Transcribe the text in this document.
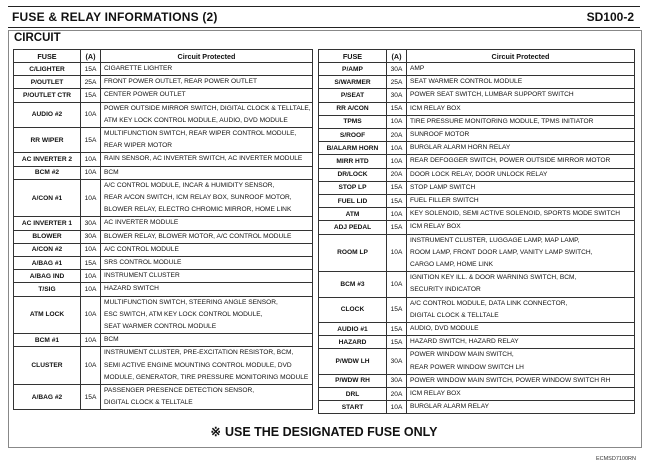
FUSE & RELAY INFORMATIONS (2)	SD100-2
CIRCUIT
FUSE	(A)	Circuit Protected
C/LIGHTER	15A	CIGARETTE LIGHTER

P/OUTLET	25A	FRONT POWER OUTLET, REAR POWER OUTLET

P/OUTLET CTR	15A	CENTER POWER OUTLET

AUDIO #2	10A	POWER OUTSIDE MIRROR SWITCH, DIGITAL CLOCK & TELLTALE,
ATM KEY LOCK CONTROL MODULE, AUDIO, DVD MODULE

RR WIPER	15A	MULTIFUNCTION SWITCH, REAR WIPER CONTROL MODULE,
REAR WIPER MOTOR

AC INVERTER 2	10A	RAIN SENSOR, AC INVERTER SWITCH, AC INVERTER MODULE

BCM #2	10A	BCM

A/CON #1	10A	A/C CONTROL MODULE, INCAR & HUMIDITY SENSOR,
REAR A/CON SWITCH, ICM RELAY BOX, SUNROOF MOTOR,
BLOWER RELAY, ELECTRO CHROMIC MIRROR, HOME LINK

AC INVERTER 1	30A	AC INVERTER MODULE

BLOWER	30A	BLOWER RELAY, BLOWER MOTOR, A/C CONTROL MODULE

A/CON #2	10A	A/C CONTROL MODULE

A/BAG #1	15A	SRS CONTROL MODULE

A/BAG IND	10A	INSTRUMENT CLUSTER

T/SIG	10A	HAZARD SWITCH

ATM LOCK	10A	MULTIFUNCTION SWITCH, STEERING ANGLE SENSOR,
ESC SWITCH, ATM KEY LOCK CONTROL MODULE,
SEAT WARMER CONTROL MODULE

BCM #1	10A	BCM

CLUSTER	10A	INSTRUMENT CLUSTER, PRE-EXCITATION RESISTOR, BCM,
SEMI ACTIVE ENGINE MOUNTING CONTROL MODULE, DVD
MODULE, GENERATOR, TIRE PRESSURE MONITORING MODULE

A/BAG #2	15A	PASSENGER PRESENCE DETECTION SENSOR,
DIGITAL CLOCK & TELLTALE
FUSE	(A)	Circuit Protected
P/AMP	30A	AMP

S/WARMER	25A	SEAT WARMER CONTROL MODULE

P/SEAT	30A	POWER SEAT SWITCH, LUMBAR SUPPORT SWITCH

RR A/CON	15A	ICM RELAY BOX

TPMS	10A	TIRE PRESSURE MONITORING MODULE, TPMS INITIATOR

S/ROOF	20A	SUNROOF MOTOR

B/ALARM HORN	10A	BURGLAR ALARM HORN RELAY

MIRR HTD	10A	REAR DEFOGGER SWITCH, POWER OUTSIDE MIRROR MOTOR

DR/LOCK	20A	DOOR LOCK RELAY, DOOR UNLOCK RELAY

STOP LP	15A	STOP LAMP SWITCH

FUEL LID	15A	FUEL FILLER SWITCH

ATM	10A	KEY SOLENOID, SEMI ACTIVE SOLENOID, SPORTS MODE SWITCH

ADJ PEDAL	15A	ICM RELAY BOX

ROOM LP	10A	INSTRUMENT CLUSTER, LUGGAGE LAMP, MAP LAMP,
ROOM LAMP, FRONT DOOR LAMP, VANITY LAMP SWITCH,
CARGO LAMP, HOME LINK

BCM #3	10A	IGNITION KEY ILL. & DOOR WARNING SWITCH, BCM,
SECURITY INDICATOR

CLOCK	15A	A/C CONTROL MODULE, DATA LINK CONNECTOR,
DIGITAL CLOCK & TELLTALE

AUDIO #1	15A	AUDIO, DVD MODULE

HAZARD	15A	HAZARD SWITCH, HAZARD RELAY

P/WDW LH	30A	POWER WINDOW MAIN SWITCH,
REAR POWER WINDOW SWITCH LH

P/WDW RH	30A	POWER WINDOW MAIN SWITCH, POWER WINDOW SWITCH RH

DRL	20A	ICM RELAY BOX

START	10A	BURGLAR ALARM RELAY
※ USE THE DESIGNATED FUSE ONLY
ECMSD7100RN
